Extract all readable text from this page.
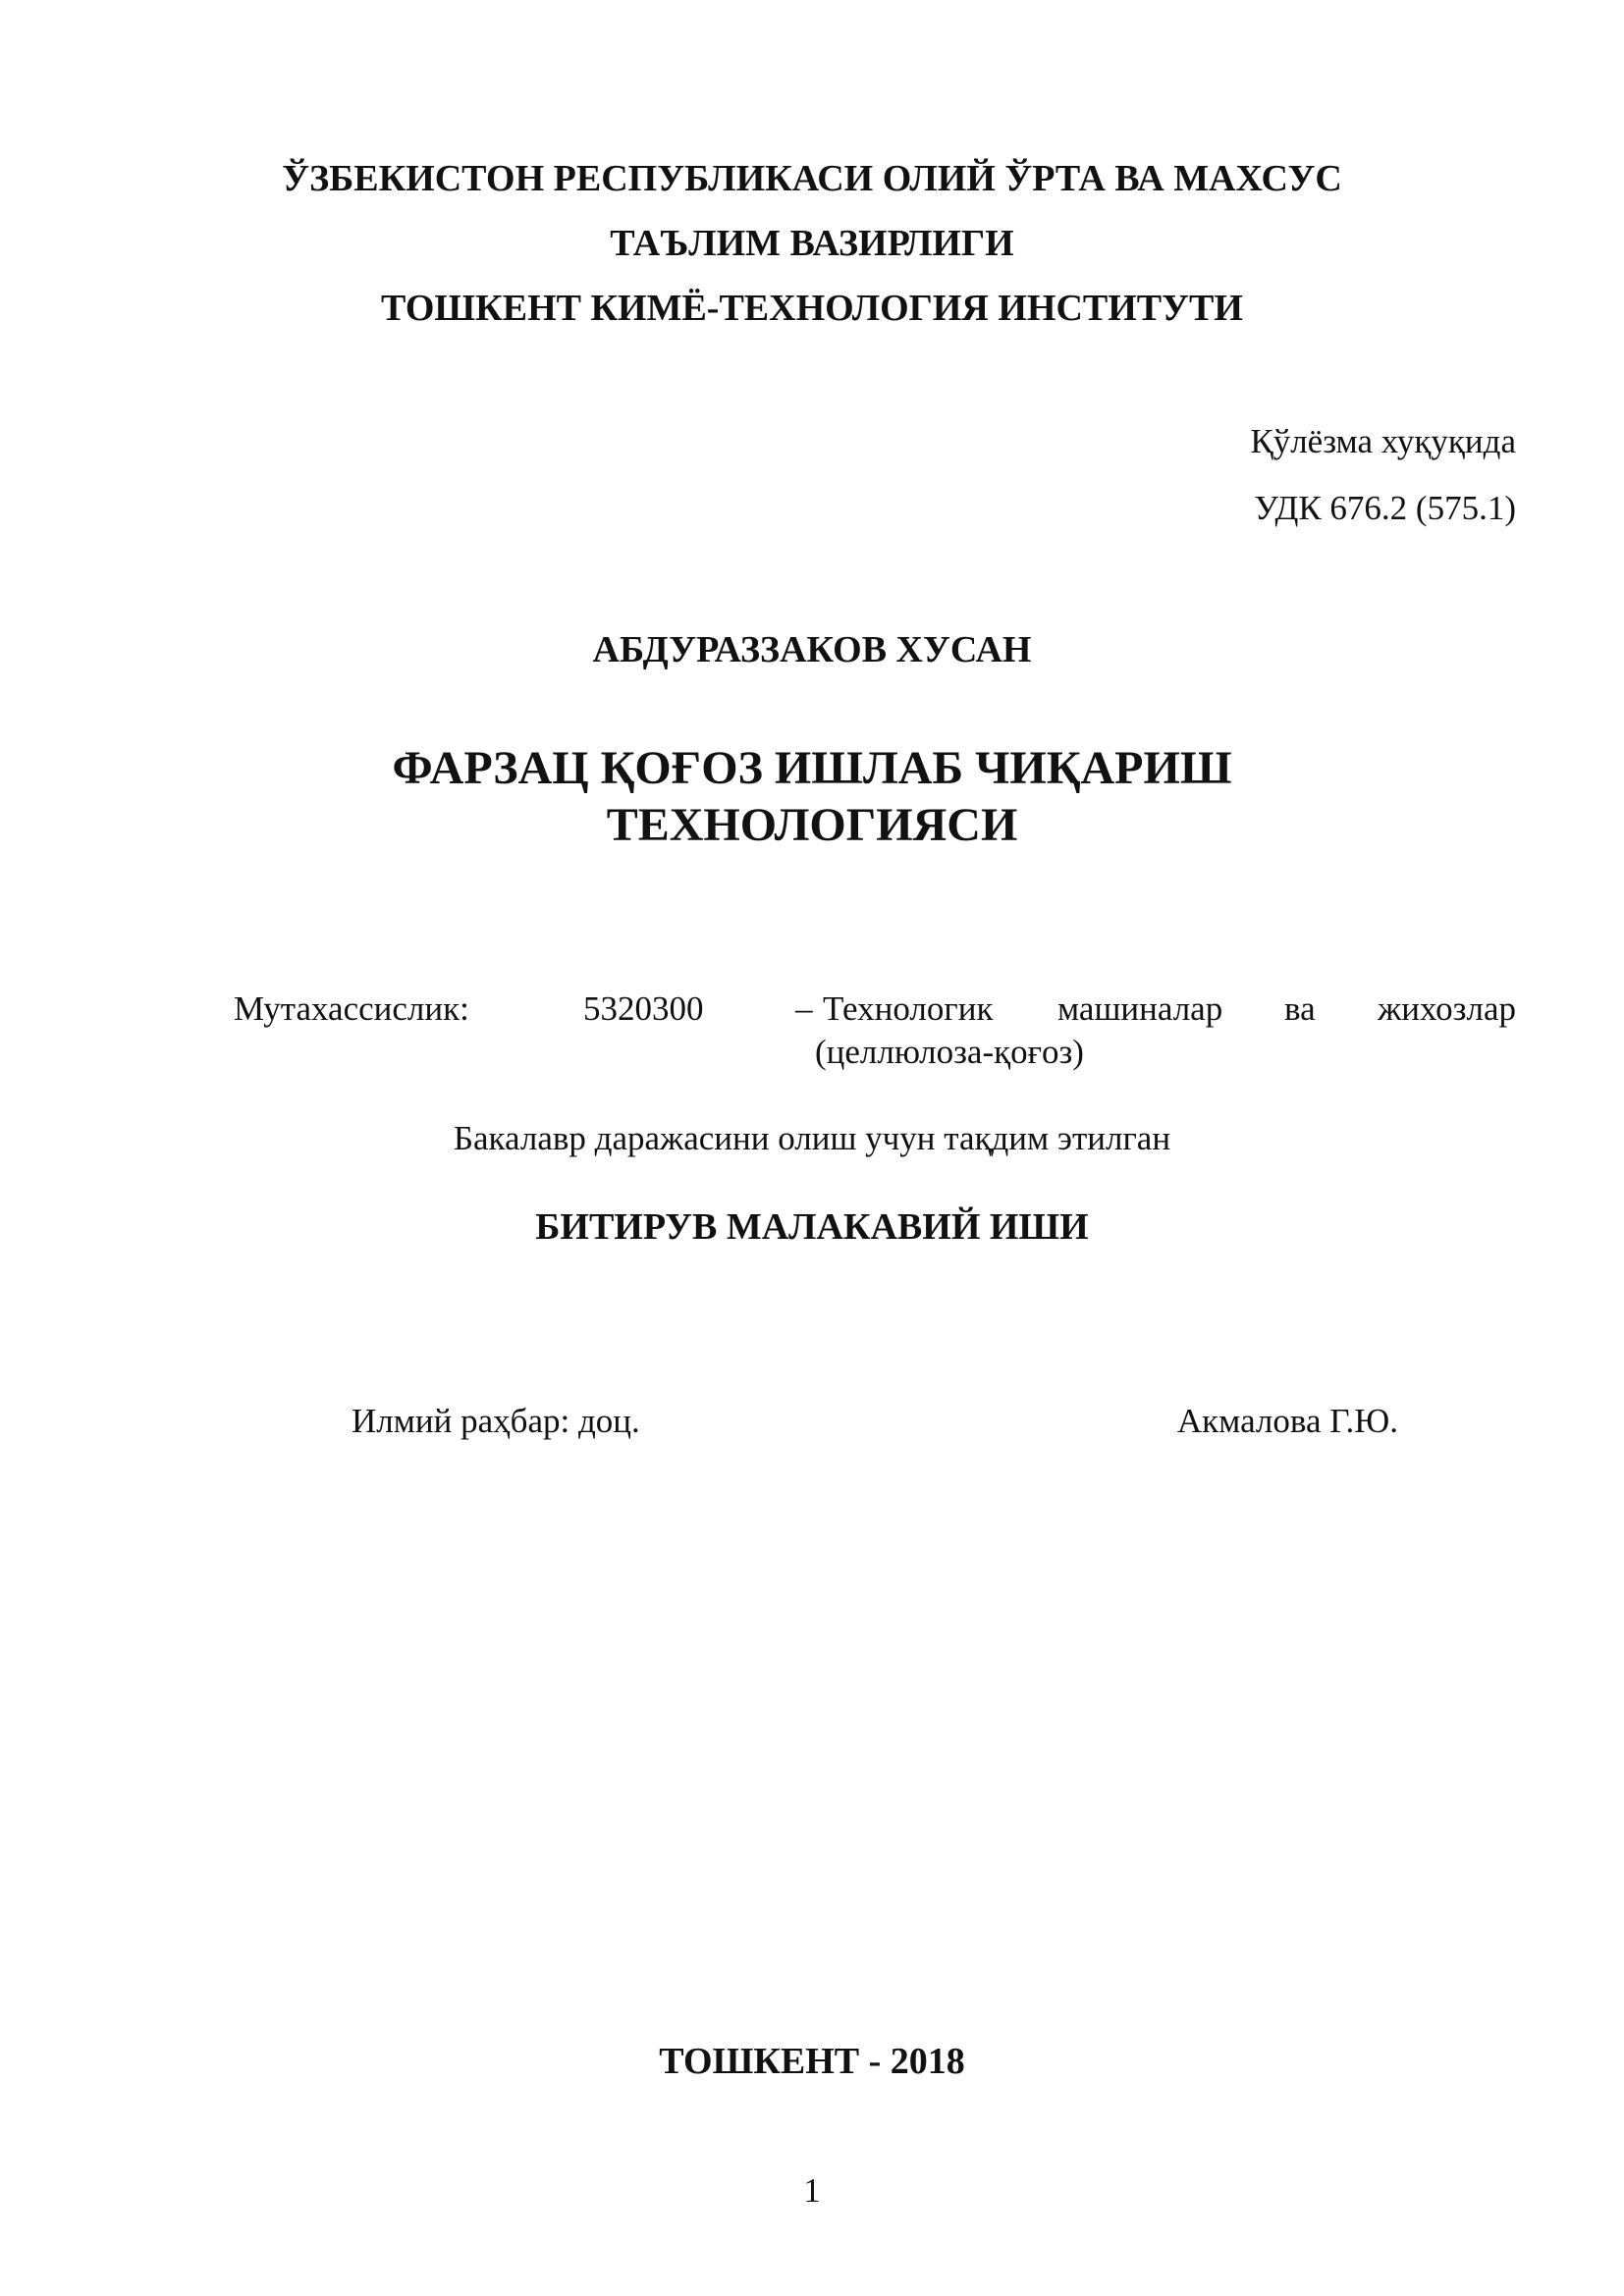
ЎЗБЕКИСТОН РЕСПУБЛИКАСИ ОЛИЙ ЎРТА ВА МАХСУС
ТАЪЛИМ ВАЗИРЛИГИ
ТОШКЕНТ КИМЁ-ТЕХНОЛОГИЯ ИНСТИТУТИ
Қўлёзма хуқуқида
УДК 676.2 (575.1)
АБДУРАЗЗАКОВ ХУСАН
ФАРЗАЦ ҚОҒОЗ ИШЛАБ ЧИҚАРИШ
ТЕХНОЛОГИЯСИ
Мутахассислик:	5320300	– Технологик машиналар ва жихозлар
(целлюлоза-қоғоз)
Бакалавр даражасини олиш учун тақдим этилган
БИТИРУВ МАЛАКАВИЙ ИШИ
Илмий раҳбар: доц.	Акмалова Г.Ю.
ТОШКЕНТ - 2018
1
